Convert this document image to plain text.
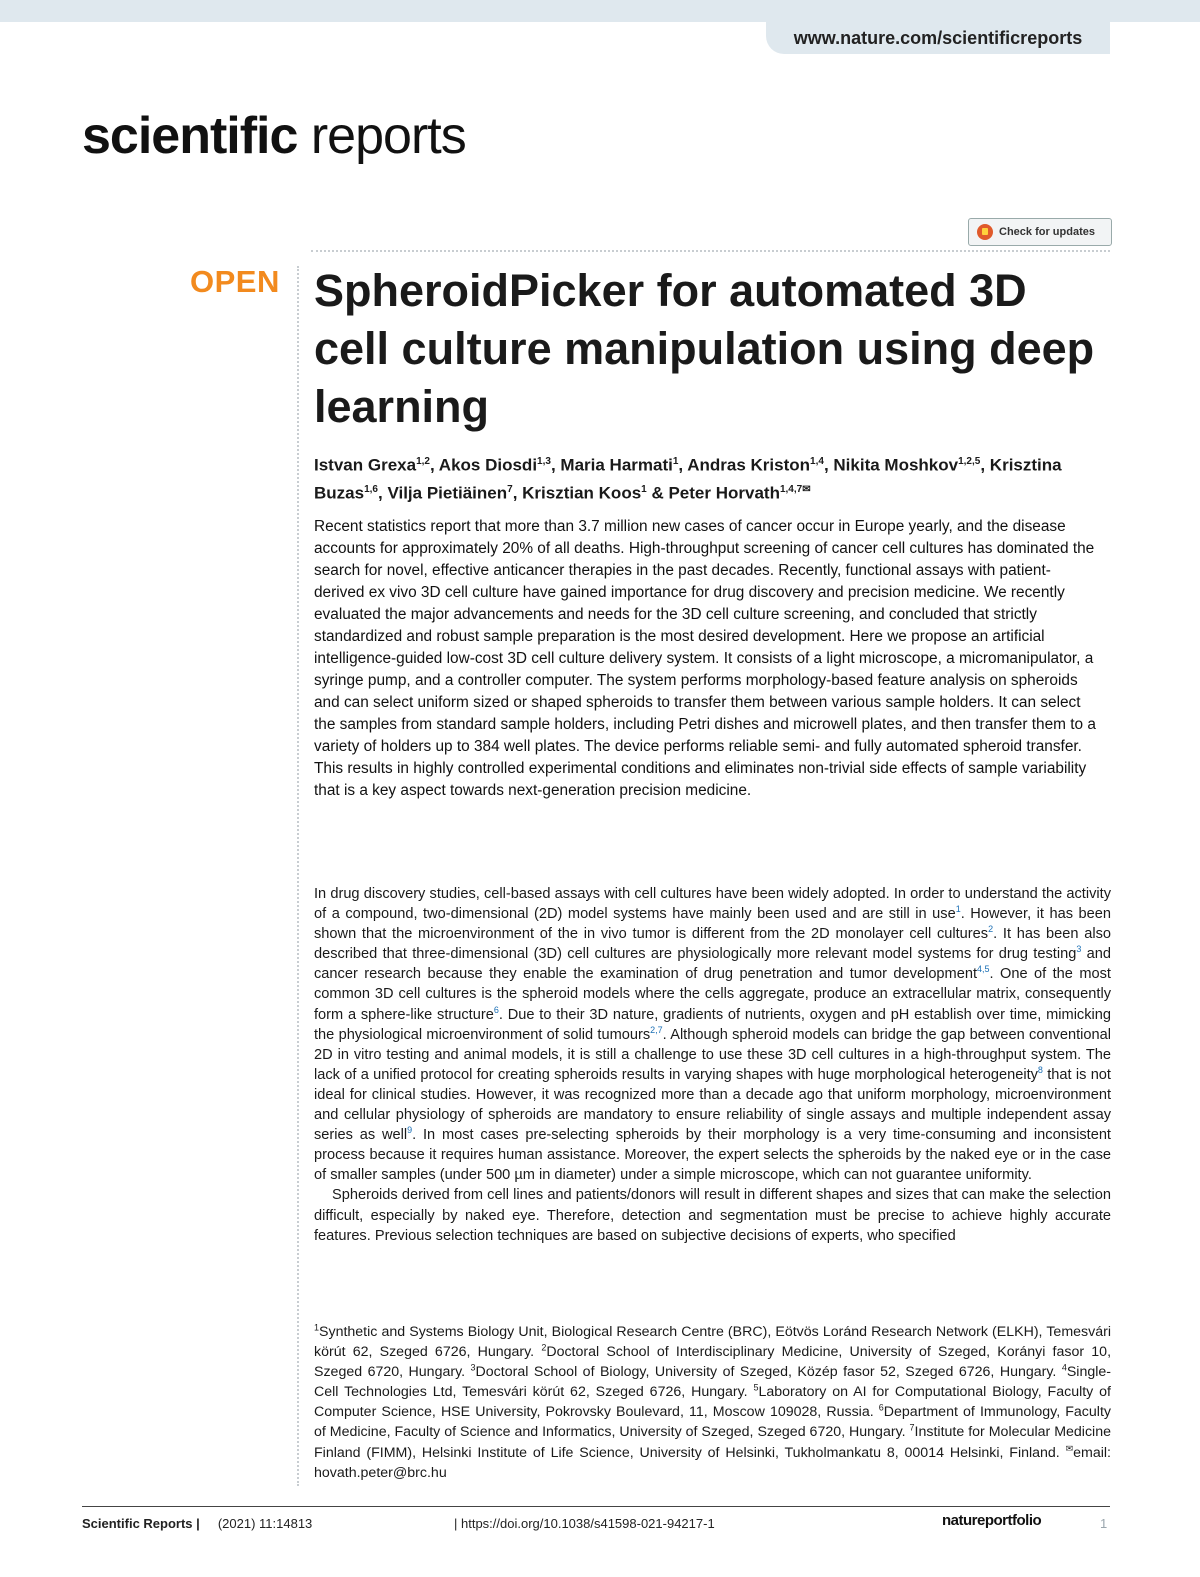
www.nature.com/scientificreports
scientific reports
Check for updates
OPEN SpheroidPicker for automated 3D cell culture manipulation using deep learning
Istvan Grexa$^{1,2}$, Akos Diosdi$^{1,3}$, Maria Harmati$^1$, Andras Kriston$^{1,4}$, Nikita Moshkov$^{1,2,5}$, Krisztina Buzas$^{1,6}$, Vilja Pietiäinen$^7$, Krisztian Koos$^1$ & Peter Horvath$^{1,4,7✉}$

Recent statistics report that more than 3.7 million new cases of cancer occur in Europe yearly, and the disease accounts for approximately 20% of all deaths. High-throughput screening of cancer cell cultures has dominated the search for novel, effective anticancer therapies in the past decades. Recently, functional assays with patient-derived ex vivo 3D cell culture have gained importance for drug discovery and precision medicine. We recently evaluated the major advancements and needs for the 3D cell culture screening, and concluded that strictly standardized and robust sample preparation is the most desired development. Here we propose an artificial intelligence-guided low-cost 3D cell culture delivery system. It consists of a light microscope, a micromanipulator, a syringe pump, and a controller computer. The system performs morphology-based feature analysis on spheroids and can select uniform sized or shaped spheroids to transfer them between various sample holders. It can select the samples from standard sample holders, including Petri dishes and microwell plates, and then transfer them to a variety of holders up to 384 well plates. The device performs reliable semi- and fully automated spheroid transfer. This results in highly controlled experimental conditions and eliminates non-trivial side effects of sample variability that is a key aspect towards next-generation precision medicine.

In drug discovery studies, cell-based assays with cell cultures have been widely adopted. In order to understand the activity of a compound, two-dimensional (2D) model systems have mainly been used and are still in use$^1$. However, it has been shown that the microenvironment of the in vivo tumor is different from the 2D monolayer cell cultures$^2$. It has been also described that three-dimensional (3D) cell cultures are physiologically more relevant model systems for drug testing$^3$ and cancer research because they enable the examination of drug penetration and tumor development$^{4,5}$. One of the most common 3D cell cultures is the spheroid models where the cells aggregate, produce an extracellular matrix, consequently form a sphere-like structure$^6$. Due to their 3D nature, gradients of nutrients, oxygen and pH establish over time, mimicking the physiological microenvironment of solid tumours$^{2,7}$. Although spheroid models can bridge the gap between conventional 2D in vitro testing and animal models, it is still a challenge to use these 3D cell cultures in a high-throughput system. The lack of a unified protocol for creating spheroids results in varying shapes with huge morphological heterogeneity$^8$ that is not ideal for clinical studies. However, it was recognized more than a decade ago that uniform morphology, microenvironment and cellular physiology of spheroids are mandatory to ensure reliability of single assays and multiple independent assay series as well$^9$. In most cases pre-selecting spheroids by their morphology is a very time-consuming and inconsistent process because it requires human assistance. Moreover, the expert selects the spheroids by the naked eye or in the case of smaller samples (under 500 µm in diameter) under a simple microscope, which can not guarantee uniformity.

Spheroids derived from cell lines and patients/donors will result in different shapes and sizes that can make the selection difficult, especially by naked eye. Therefore, detection and segmentation must be precise to achieve highly accurate features. Previous selection techniques are based on subjective decisions of experts, who specified

$^1$Synthetic and Systems Biology Unit, Biological Research Centre (BRC), Eötvös Loránd Research Network (ELKH), Temesvári körút 62, Szeged 6726, Hungary. $^2$Doctoral School of Interdisciplinary Medicine, University of Szeged, Korányi fasor 10, Szeged 6720, Hungary. $^3$Doctoral School of Biology, University of Szeged, Közép fasor 52, Szeged 6726, Hungary. $^4$Single-Cell Technologies Ltd, Temesvári körút 62, Szeged 6726, Hungary. $^5$Laboratory on AI for Computational Biology, Faculty of Computer Science, HSE University, Pokrovsky Boulevard, 11, Moscow 109028, Russia. $^6$Department of Immunology, Faculty of Medicine, Faculty of Science and Informatics, University of Szeged, Szeged 6720, Hungary. $^7$Institute for Molecular Medicine Finland (FIMM), Helsinki Institute of Life Science, University of Helsinki, Tukholmankatu 8, 00014 Helsinki, Finland. ✉email: hovath.peter@brc.hu

Scientific Reports | (2021) 11:14813	| https://doi.org/10.1038/s41598-021-94217-1	natureportfolio	1
